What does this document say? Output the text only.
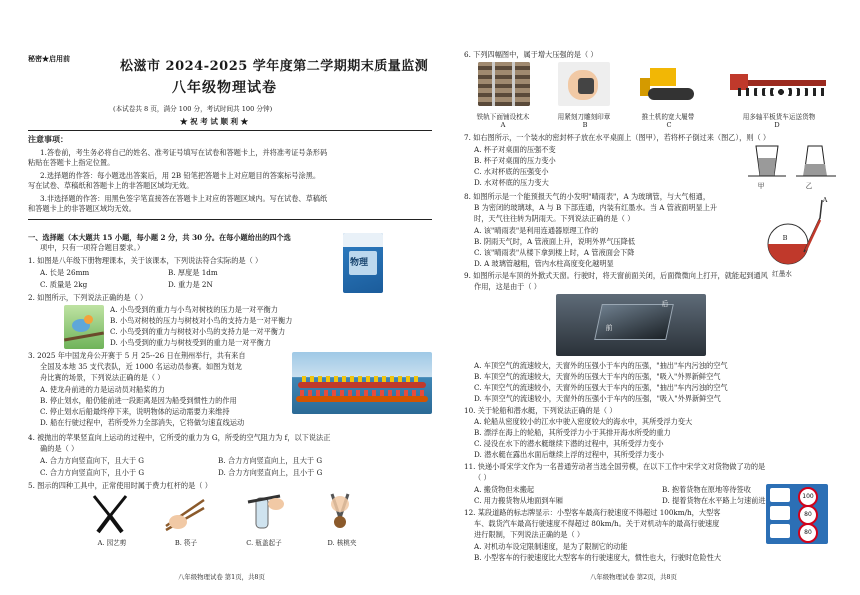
秘密★启用前
松滋市 2024-2025 学年度第二学期期末质量监测
八年级物理试卷
(本试卷共 8 页，满分 100 分，考试时间共 100 分钟)
★ 祝 考 试 顺 利 ★
注意事项：
1.答卷前，考生务必将自己的姓名、准考证号填写在试卷和答题卡上，并将准考证号条形码
粘贴在答题卡上指定位置。
2.选择题的作答：每小题选出答案后，用 2B 铅笔把答题卡上对应题目的答案标号涂黑。
写在试卷、草稿纸和答题卡上的非答题区域均无效。
3.非选择题的作答：用黑色签字笔直接答在答题卡上对应的答题区域内。写在试卷、草稿纸
和答题卡上的非答题区域均无效。
一、选择题（本大题共 15 小题，每小题 2 分，共 30 分。在每小题给出的四个选
项中，只有一项符合题目要求。）
1. 如图是八年级下册物理课本，关于该课本，下列说法符合实际的是（ ）
A. 长是 26mm	B. 厚度是 1dm
C. 质量是 2kg	D. 重力是 2N
物理
2. 如图所示，下列说法正确的是（ ）
A. 小鸟受到的重力与小鸟对树枝的压力是一对平衡力
B. 小鸟对树枝的压力与树枝对小鸟的支持力是一对平衡力
C. 小鸟受到的重力与树枝对小鸟的支持力是一对平衡力
D. 小鸟受到的重力与树枝受到的重力是一对平衡力
3. 2025 年中国龙舟公开赛于 5 月 25--26 日在荆州举行，共有来自
全国及本地 35 支代表队，近 1000 名运动员参赛。如图为划龙
舟比赛的场景，下列说法正确的是（ ）
A. 使龙舟前进的力是运动员对船桨的力
B. 停止划水，船仍能前进一段距离是因为船受到惯性力的作用
C. 停止划水后船最终停下来，说明物体的运动需要力来维持
D. 船在行驶过程中，若所受外力全部消失，它将做匀速直线运动
4. 被抛出的苹果竖直向上运动的过程中，它所受的重力为 G，所受的空气阻力为 f，以下说法正
确的是（ ）
A. 合力方向竖直向下，且大于 G	B. 合力方向竖直向上，且大于 G
C. 合力方向竖直向下，且小于 G	D. 合力方向竖直向上，且小于 G
5. 图示的四种工具中，正常使用时属于费力杠杆的是（ ）
A. 园艺剪	B. 筷子	C. 瓶盖起子	D. 核桃夹
八年级物理试卷 第1页，共8页
6. 下列四幅图中，属于增大压强的是（ ）
铁轨下面铺设枕木	用紧刻刀雕刻印章	推土机的宽大履带	用多轴平板货车运送货物
A	B	C	D
7. 如右图所示，一个装水的密封杯子放在水平桌面上（图甲），若将杯子倒过来（图乙），则（ ）
A. 杯子对桌面的压强不变
B. 杯子对桌面的压力变小
C. 水对杯底的压强变小
D. 水对杯底的压力变大	甲	乙
8. 如图所示是一个能预报天气的小发明"晴雨表"，A 为玻璃管，与大气相通，
B 为密闭的玻璃球，A 与 B 下部连通，内装有红墨水。当 A 管液面明显上升
时，天气往往转为阴雨天。下列说法正确的是（ ）
A. 该"晴雨表"是利用连通器原理工作的
B. 阴雨天气时，A 管液面上升，说明外界气压降低
C. 该"晴雨表"从楼下拿到楼上时，A 管液面会下降
D. A 玻璃管越粗，管内水柱高度变化越明显
A
B
红墨水
9. 如图所示是车顶的外掀式天窗。行驶时，将天窗前面关闭，后面微微向上打开，就能起到通风
作用，这是由于（ ）
后
前
A. 车顶空气的流速较大，天窗外的压强小于车内的压强，"抽出"车内污浊的空气
B. 车顶空气的流速较大，天窗外的压强大于车内的压强，"吸入"外界新鲜空气
C. 车顶空气的流速较小，天窗外的压强大于车内的压强，"抽出"车内污浊的空气
D. 车顶空气的流速较小，天窗外的压强小于车内的压强，"吸入"外界新鲜空气
10. 关于轮船和潜水艇，下列说法正确的是（ ）
A. 轮船从密度较小的江水中驶入密度较大的海水中，其所受浮力变大
B. 漂浮在海上的轮船，其所受浮力小于其排开海水所受的重力
C. 浸没在水下的潜水艇继续下潜的过程中，其所受浮力变小
D. 潜水艇在露出水面后继续上浮的过程中，其所受浮力变小
11. 快递小哥宋学文作为一名普通劳动者当选全国劳模，在以下工作中宋学文对货物做了功的是
（ ）
A. 搬货物但未搬起	B. 抱着货物在原地等待签收
C. 用力搬货物从地面到车厢	D. 提着货物在水平路上匀速前进
12. 某段道路的标志牌显示：小型客车最高行驶速度不得超过 100km/h，大型客
车、载货汽车最高行驶速度不得超过 80km/h。关于对机动车的最高行驶速度
进行限制，下列说法正确的是（ ）
A. 对机动车设定限制速度，是为了限制它的动能
B. 小型客车的行驶速度比大型客车的行驶速度大，惯性也大，行驶时危险性大
100
80
80
八年级物理试卷 第2页，共8页
